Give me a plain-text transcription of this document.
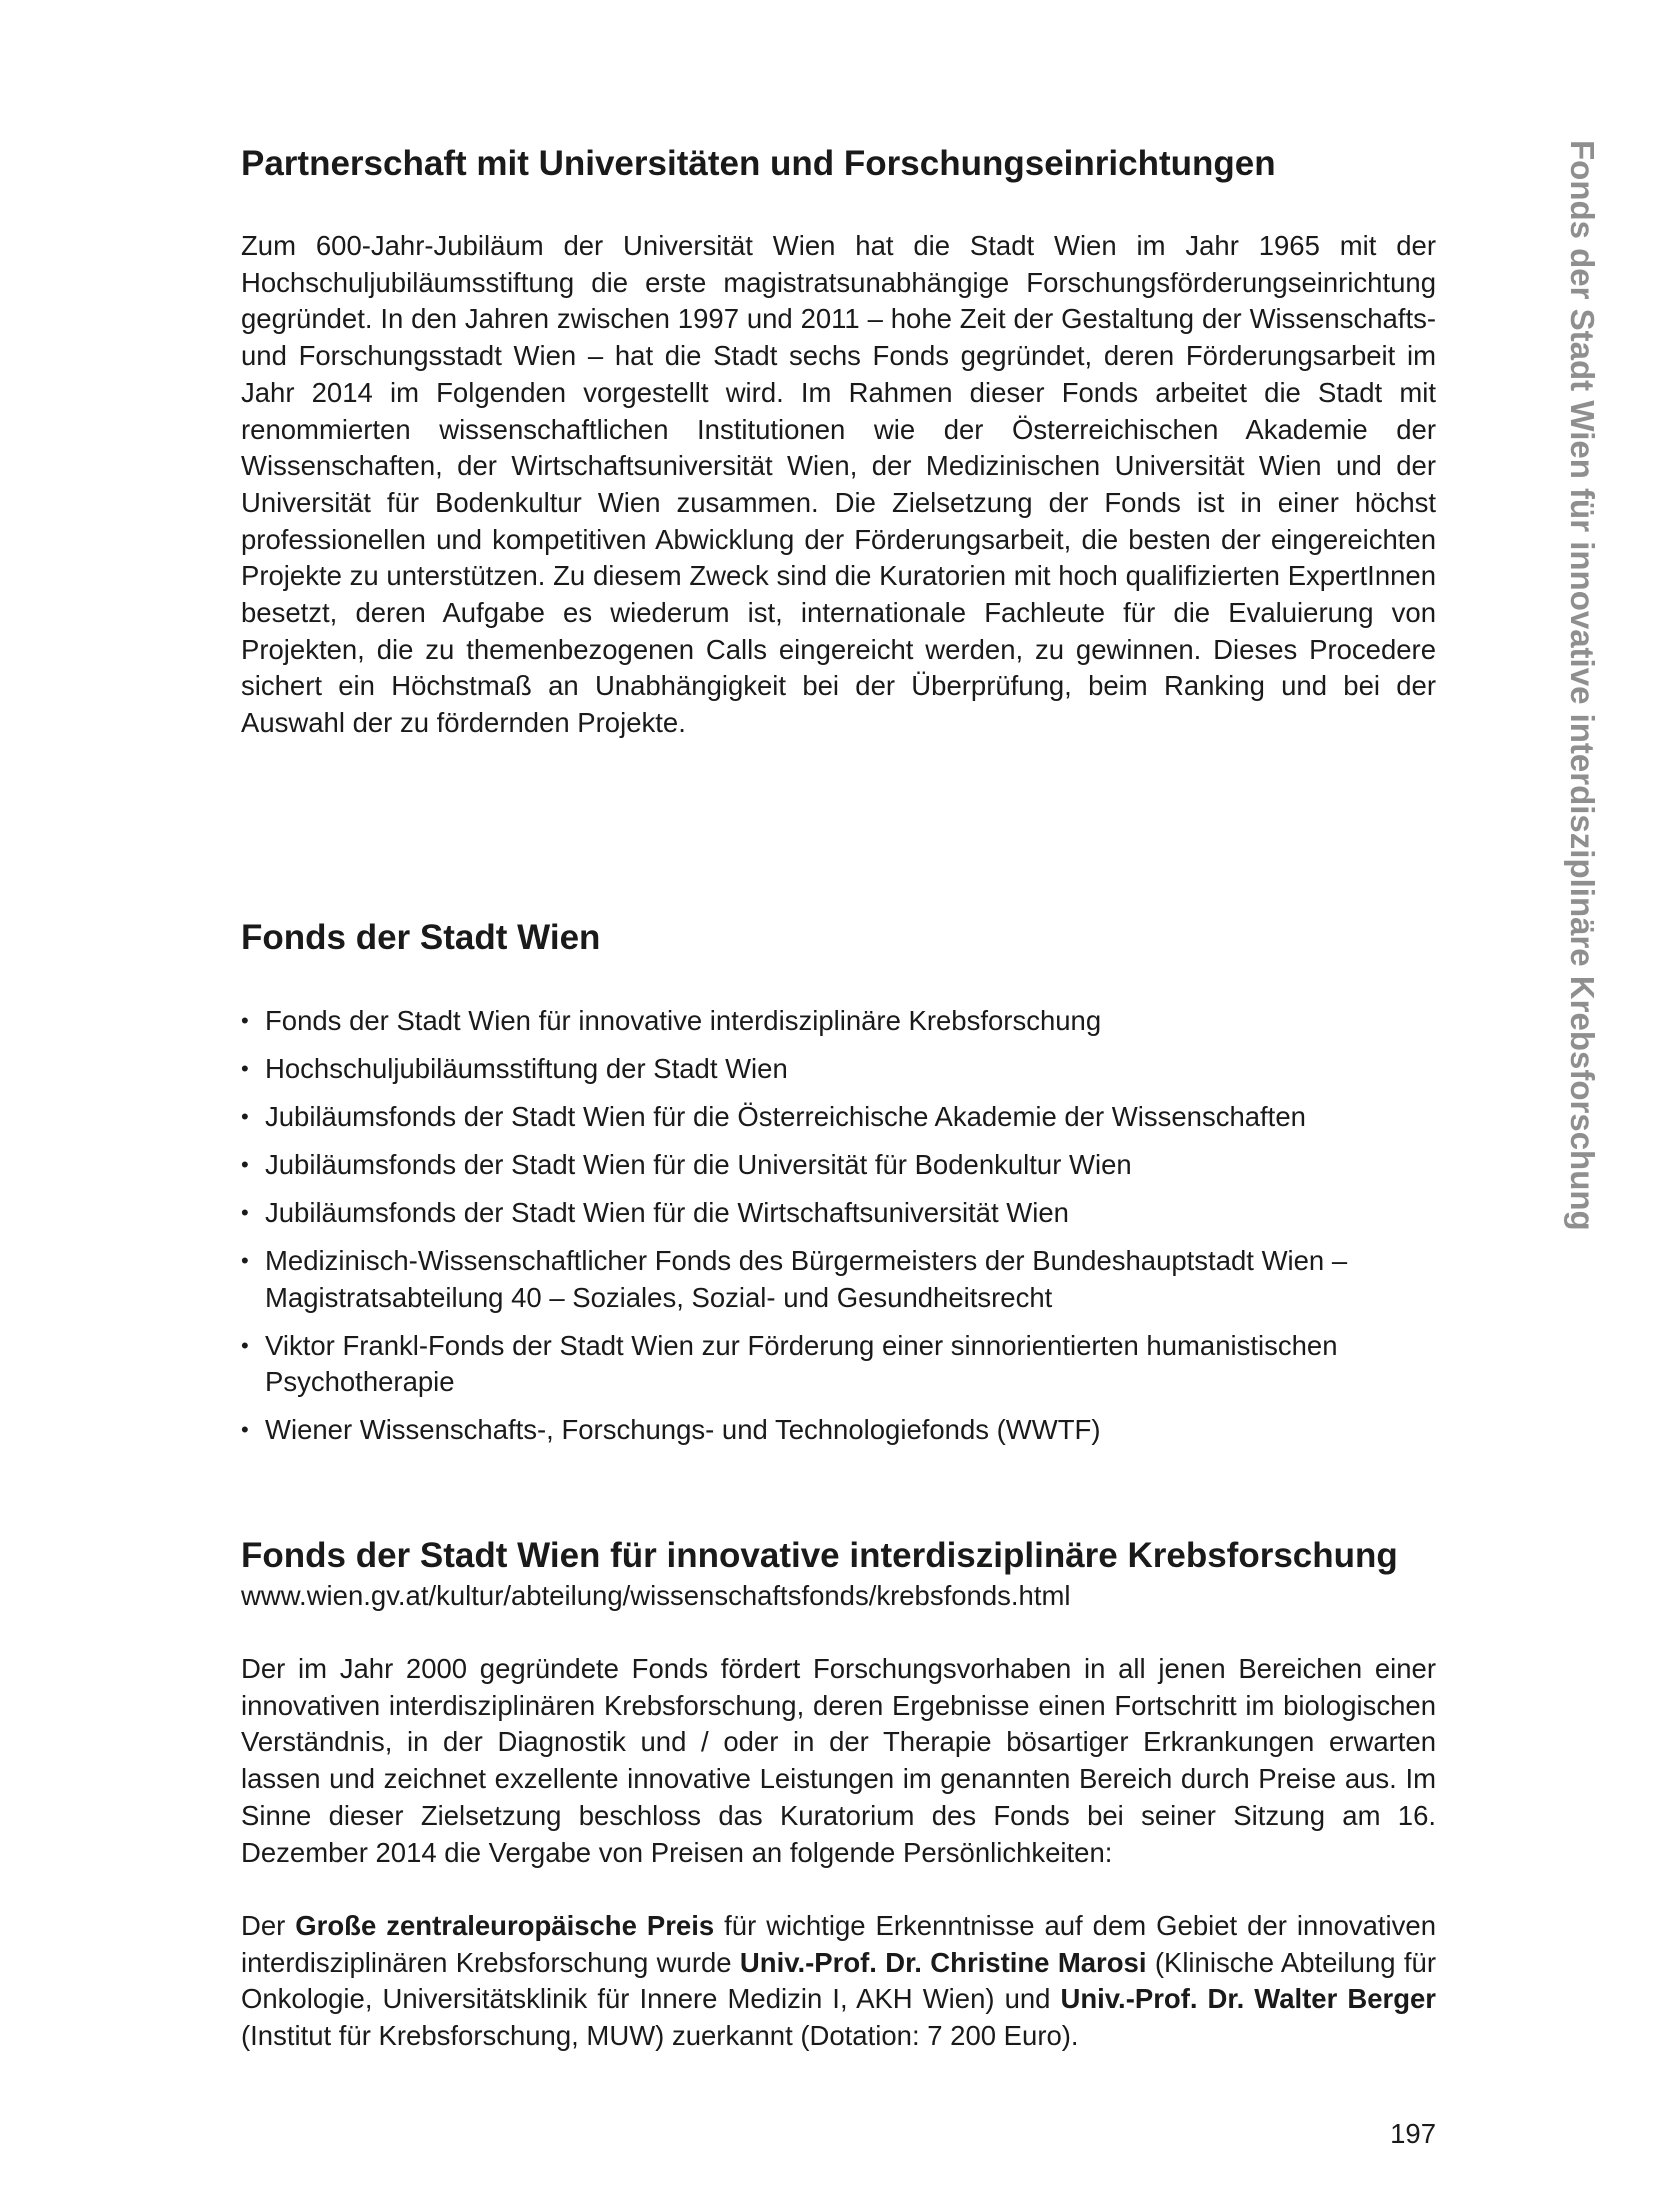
Fonds der Stadt Wien für innovative interdisziplinäre Krebsforschung
Partnerschaft mit Universitäten und Forschungseinrichtungen

Zum 600-Jahr-Jubiläum der Universität Wien hat die Stadt Wien im Jahr 1965 mit der Hochschuljubiläumsstiftung die erste magistratsunabhängige Forschungsförderungseinrichtung gegründet. In den Jahren zwischen 1997 und 2011 – hohe Zeit der Gestaltung der Wissenschafts- und Forschungsstadt Wien – hat die Stadt sechs Fonds gegründet, deren Förderungsarbeit im Jahr 2014 im Folgenden vorgestellt wird. Im Rahmen dieser Fonds arbeitet die Stadt mit renommierten wissenschaftlichen Institutionen wie der Österreichischen Akademie der Wissenschaften, der Wirtschaftsuniversität Wien, der Medizinischen Universität Wien und der Universität für Bodenkultur Wien zusammen. Die Zielsetzung der Fonds ist in einer höchst professionellen und kompetitiven Abwicklung der Förderungsarbeit, die besten der eingereichten Projekte zu unterstützen. Zu diesem Zweck sind die Kuratorien mit hoch qualifizierten ExpertInnen besetzt, deren Aufgabe es wiederum ist, internationale Fachleute für die Evaluierung von Projekten, die zu themenbezogenen Calls eingereicht werden, zu gewinnen. Dieses Procedere sichert ein Höchstmaß an Unabhängigkeit bei der Überprüfung, beim Ranking und bei der Auswahl der zu fördernden Projekte.

Fonds der Stadt Wien
• Fonds der Stadt Wien für innovative interdisziplinäre Krebsforschung
• Hochschuljubiläumsstiftung der Stadt Wien
• Jubiläumsfonds der Stadt Wien für die Österreichische Akademie der Wissenschaften
• Jubiläumsfonds der Stadt Wien für die Universität für Bodenkultur Wien
• Jubiläumsfonds der Stadt Wien für die Wirtschaftsuniversität Wien
• Medizinisch-Wissenschaftlicher Fonds des Bürgermeisters der Bundeshauptstadt Wien – Magistratsabteilung 40 – Soziales, Sozial- und Gesundheitsrecht
• Viktor Frankl-Fonds der Stadt Wien zur Förderung einer sinnorientierten humanistischen Psychotherapie
• Wiener Wissenschafts-, Forschungs- und Technologiefonds (WWTF)
Fonds der Stadt Wien für innovative interdisziplinäre Krebsforschung
www.wien.gv.at/kultur/abteilung/wissenschaftsfonds/krebsfonds.html

Der im Jahr 2000 gegründete Fonds fördert Forschungsvorhaben in all jenen Bereichen einer innovativen interdisziplinären Krebsforschung, deren Ergebnisse einen Fortschritt im biologischen Verständnis, in der Diagnostik und / oder in der Therapie bösartiger Erkrankungen erwarten lassen und zeichnet exzellente innovative Leistungen im genannten Bereich durch Preise aus. Im Sinne dieser Zielsetzung beschloss das Kuratorium des Fonds bei seiner Sitzung am 16. Dezember 2014 die Vergabe von Preisen an folgende Persönlichkeiten:

Der Große zentraleuropäische Preis für wichtige Erkenntnisse auf dem Gebiet der innovativen interdisziplinären Krebsforschung wurde Univ.-Prof. Dr. Christine Marosi (Klinische Abteilung für Onkologie, Universitätsklinik für Innere Medizin I, AKH Wien) und Univ.-Prof. Dr. Walter Berger (Institut für Krebsforschung, MUW) zuerkannt (Dotation: 7 200 Euro).

197
